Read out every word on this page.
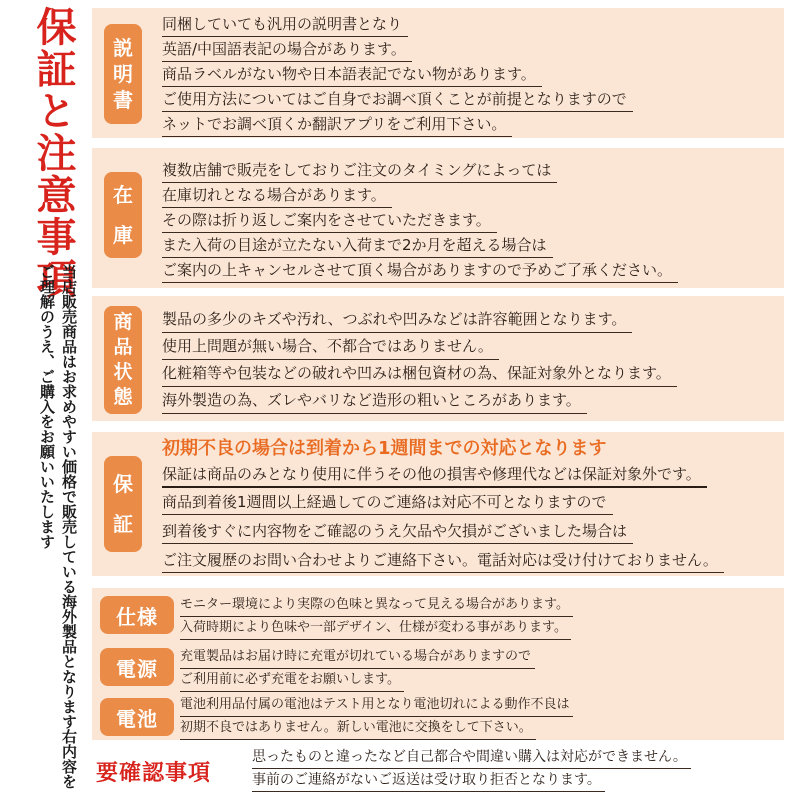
保証と注意事項
当店販売商品はお求めやすい価格で販売している海外製品となります右内容をご理解のうえ、ご購入をお願いいたします
説
明
書
同梱していても汎用の説明書となり
英語/中国語表記の場合があります。
商品ラベルがない物や日本語表記でない物があります。
ご使用方法についてはご自身でお調べ頂くことが前提となりますので
ネットでお調べ頂くか翻訳アプリをご利用下さい。
在
庫
複数店舗で販売をしておりご注文のタイミングによっては
在庫切れとなる場合があります。
その際は折り返しご案内をさせていただきます。
また入荷の目途が立たない入荷まで2か月を超える場合は
ご案内の上キャンセルさせて頂く場合がありますので予めご了承ください。
商
品
状
態
製品の多少のキズや汚れ、つぶれや凹みなどは許容範囲となります。
使用上問題が無い場合、不都合ではありません。
化粧箱等や包装などの破れや凹みは梱包資材の為、保証対象外となります。
海外製造の為、ズレやバリなど造形の粗いところがあります。
保
証
初期不良の場合は到着から1週間までの対応となります
保証は商品のみとなり使用に伴うその他の損害や修理代などは保証対象外です。
商品到着後1週間以上経過してのご連絡は対応不可となりますので
到着後すぐに内容物をご確認のうえ欠品や欠損がございました場合は
ご注文履歴のお問い合わせよりご連絡下さい。電話対応は受け付けておりません。
仕様	モニター環境により実際の色味と異なって見える場合があります。
入荷時期により色味や一部デザイン、仕様が変わる事があります。
電源	充電製品はお届け時に充電が切れている場合がありますので
ご利用前に必ず充電をお願いします。
電池
電池利用品付属の電池はテスト用となり電池切れによる動作不良は
初期不良ではありません。新しい電池に交換をして下さい。
要確認事項
思ったものと違ったなど自己都合や間違い購入は対応ができません。
事前のご連絡がないご返送は受け取り拒否となります。
